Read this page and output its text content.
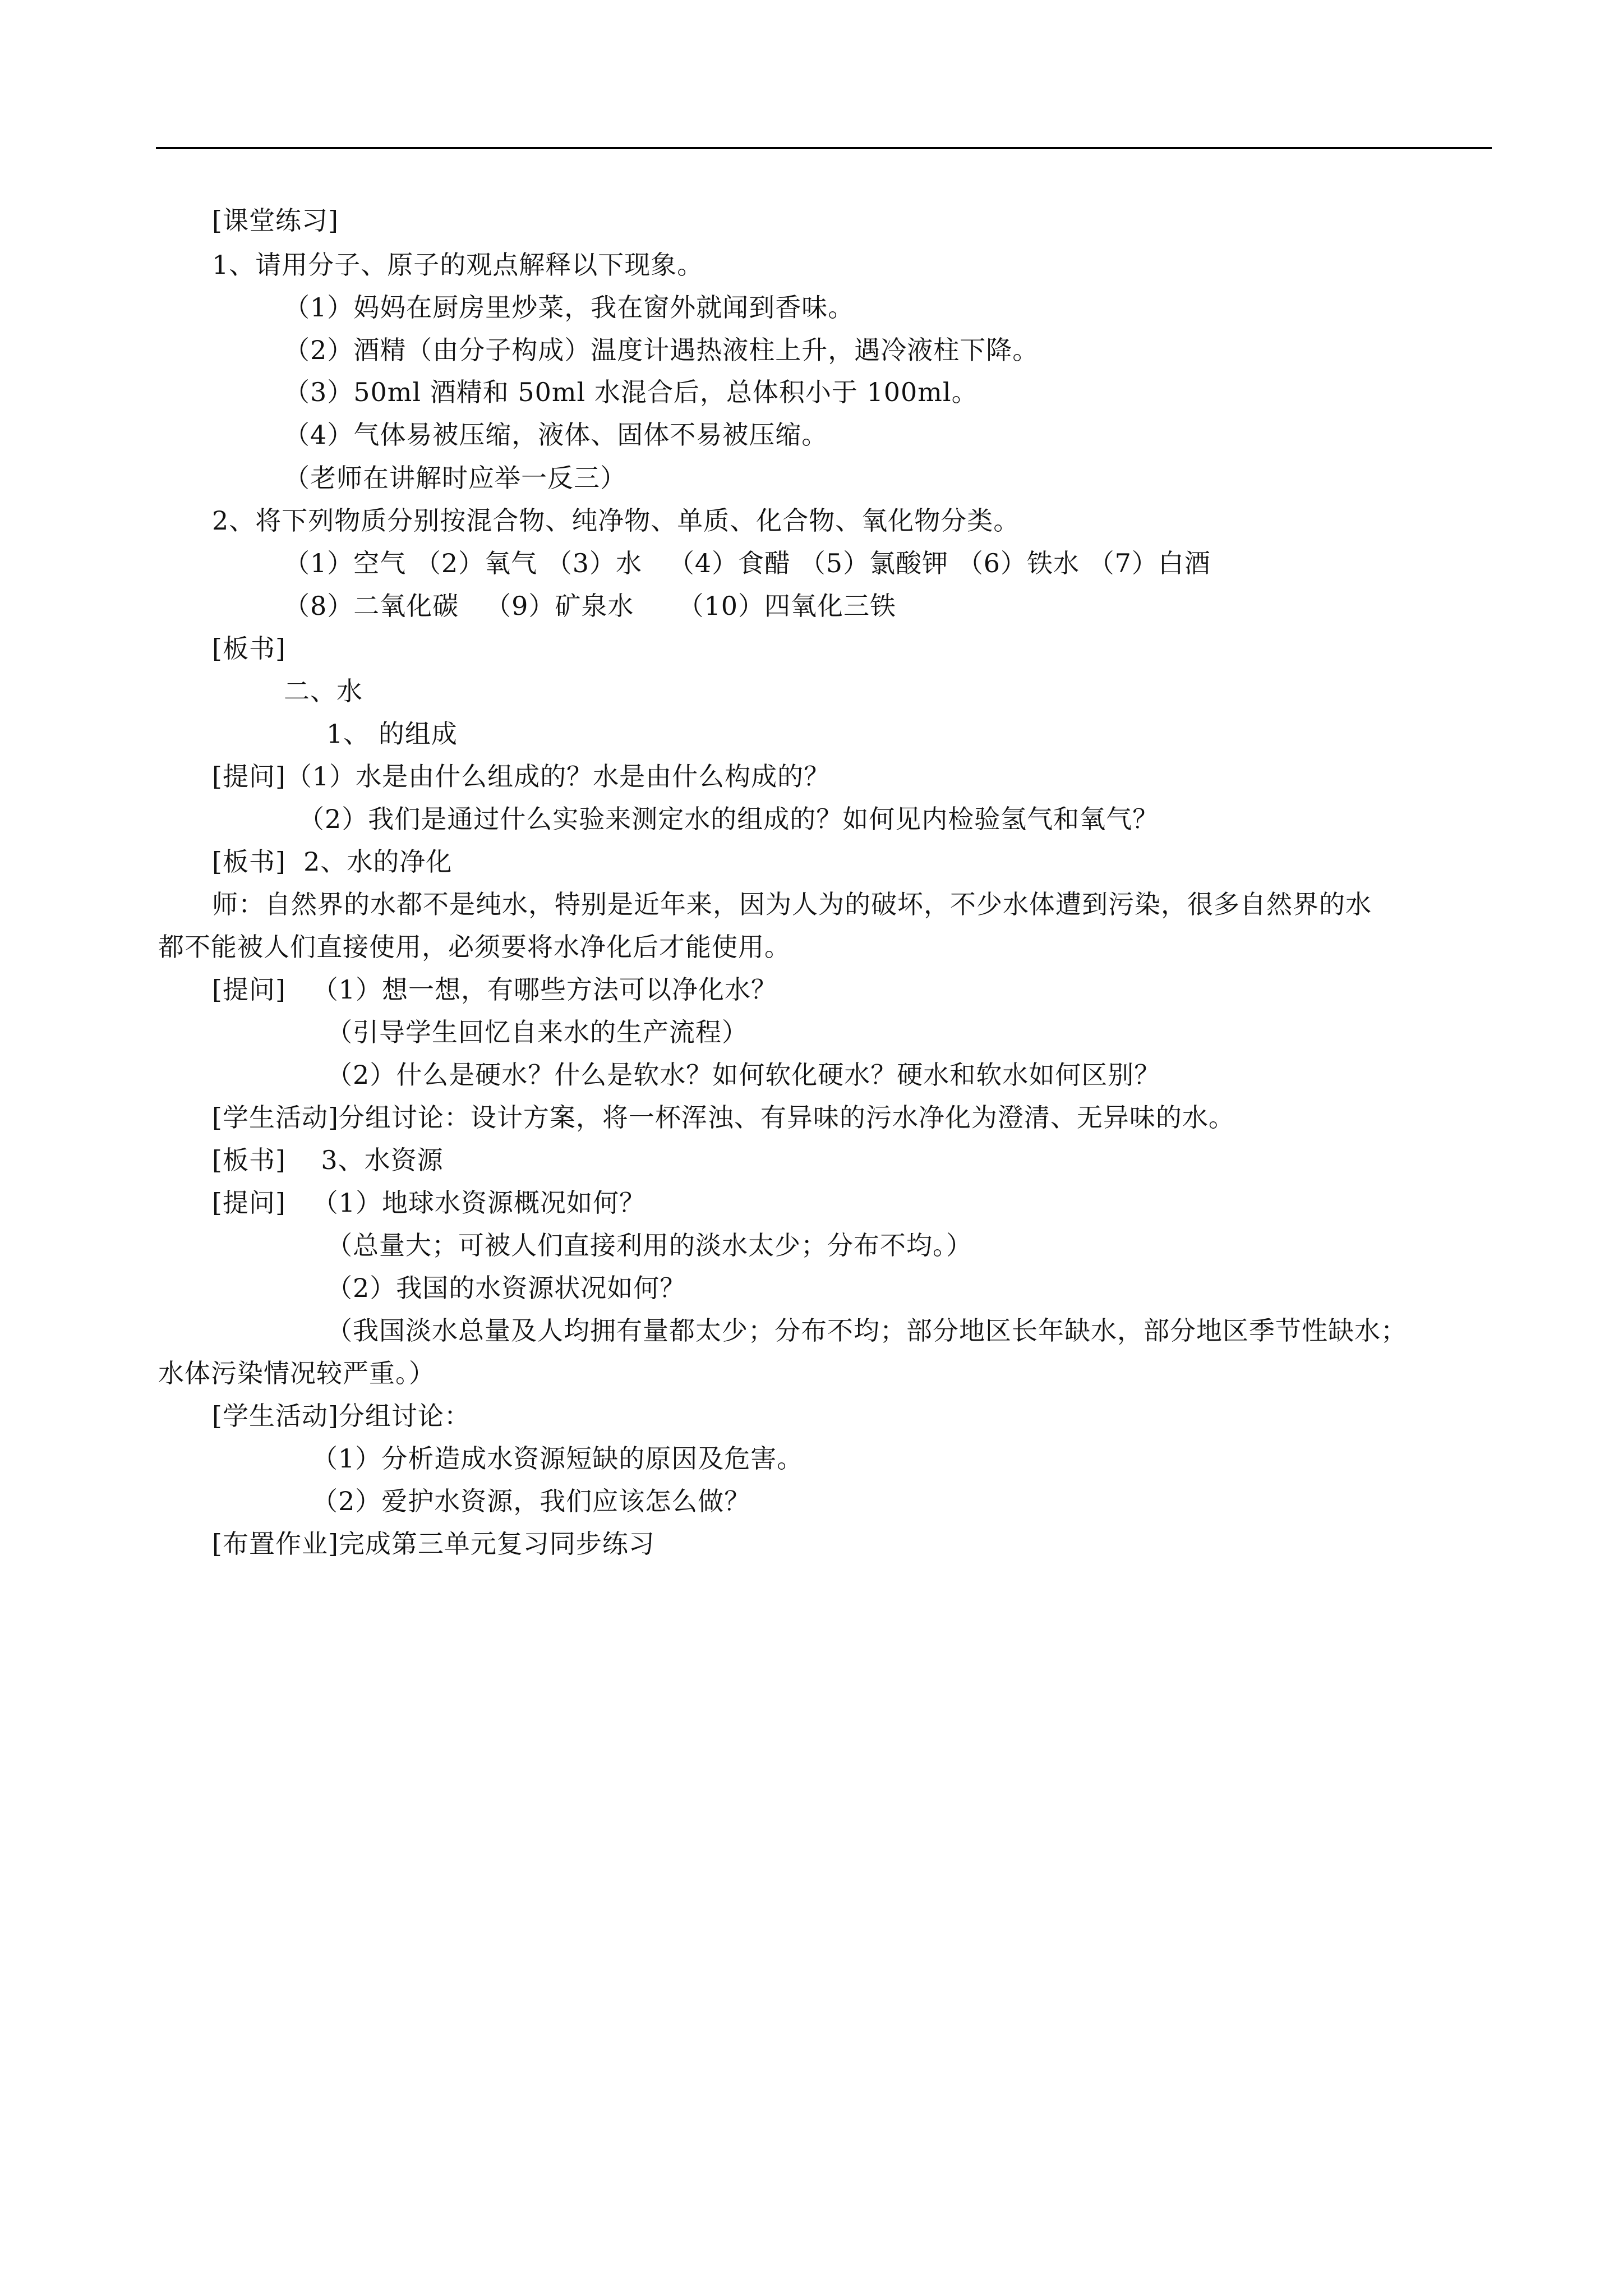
[课堂练习]
1、请用分子、原子的观点解释以下现象。
（1）妈妈在厨房里炒菜，我在窗外就闻到香味。
（2）酒精（由分子构成）温度计遇热液柱上升，遇冷液柱下降。
（3）50ml 酒精和 50ml 水混合后，总体积小于 100ml。
（4）气体易被压缩，液体、固体不易被压缩。
（老师在讲解时应举一反三）
2、将下列物质分别按混合物、纯净物、单质、化合物、氧化物分类。
（1）空气 （2）氧气 （3）水   （4）食醋 （5）氯酸钾 （6）铁水 （7）白酒
（8）二氧化碳   （9）矿泉水     （10）四氧化三铁
[板书]
二、水
1、 的组成
[提问]（1）水是由什么组成的？水是由什么构成的？
（2）我们是通过什么实验来测定水的组成的？如何见内检验氢气和氧气？
[板书]  2、水的净化
师：自然界的水都不是纯水，特别是近年来，因为人为的破坏，不少水体遭到污染，很多自然界的水
都不能被人们直接使用，必须要将水净化后才能使用。
[提问]   （1）想一想，有哪些方法可以净化水？
（引导学生回忆自来水的生产流程）
（2）什么是硬水？什么是软水？如何软化硬水？硬水和软水如何区别？
[学生活动]分组讨论：设计方案，将一杯浑浊、有异味的污水净化为澄清、无异味的水。
[板书]    3、水资源
[提问]   （1）地球水资源概况如何？
（总量大；可被人们直接利用的淡水太少；分布不均。）
（2）我国的水资源状况如何？
（我国淡水总量及人均拥有量都太少；分布不均；部分地区长年缺水，部分地区季节性缺水；
水体污染情况较严重。）
[学生活动]分组讨论：
（1）分析造成水资源短缺的原因及危害。
（2）爱护水资源，我们应该怎么做？
[布置作业]完成第三单元复习同步练习
